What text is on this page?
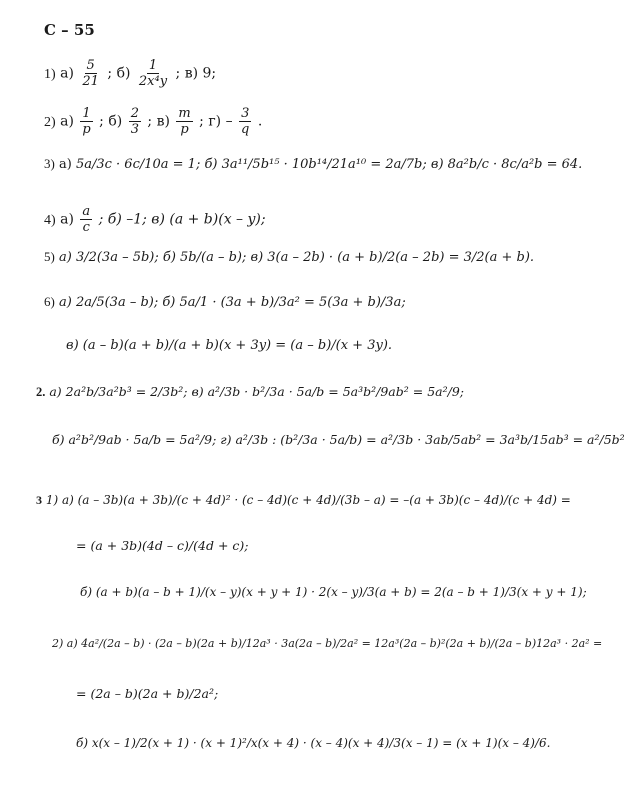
С – 55
1) $а) \frac{5}{21}$ ; $б) \frac{1}{\text{2x⁴y}}$ ; в) 9;
2) $а) \frac{1}{p}$ ; $б) \frac{2}{3}$ ; $в) \frac{m}{p}$ ; $г) - \frac{3}{q}$ .
3) а) 5a/3c · 6c/10a = 1; б) 3a¹¹/5b¹⁵ · 10b¹⁴/21a¹⁰ = 2a/7b; в) 8a²b/c · 8c/a²b = 64.
4) $а) \frac{a}{c}$ ; б) –1; в) (a + b)(x – y);
5) а) 3/2(3a – 5b); б) 5b/(a – b); в) 3(a – 2b) · (a + b)/2(a – 2b) = 3/2(a + b).
6) а) 2a/5(3a – b); б) 5a/1 · (3a + b)/3a² = 5(3a + b)/3a;
в) (a – b)(a + b)/(a + b)(x + 3y) = (a – b)/(x + 3y).
2. а) 2a²b/3a²b³ = 2/3b²; в) a²/3b · b²/3a · 5a/b = 5a³b²/9ab² = 5a²/9;
б) a²b²/9ab · 5a/b = 5a²/9; г) a²/3b : (b²/3a · 5a/b) = a²/3b · 3ab/5ab² = 3a³b/15ab³ = a²/5b²
3 1) а) (a – 3b)(a + 3b)/(c + 4d)² · (c – 4d)(c + 4d)/(3b – a) = –(a + 3b)(c – 4d)/(c + 4d) =
= (a + 3b)(4d – c)/(4d + c);
б) (a + b)(a – b + 1)/(x – y)(x + y + 1) · 2(x – y)/3(a + b) = 2(a – b + 1)/3(x + y + 1);
2) а) 4a²/(2a – b) · (2a – b)(2a + b)/12a³ · 3a(2a – b)/2a² = 12a³(2a – b)²(2a + b)/(2a – b)12a³ · 2a² =
= (2a – b)(2a + b)/2a²;
б) x(x – 1)/2(x + 1) · (x + 1)²/x(x + 4) · (x – 4)(x + 4)/3(x – 1) = (x + 1)(x – 4)/6.
